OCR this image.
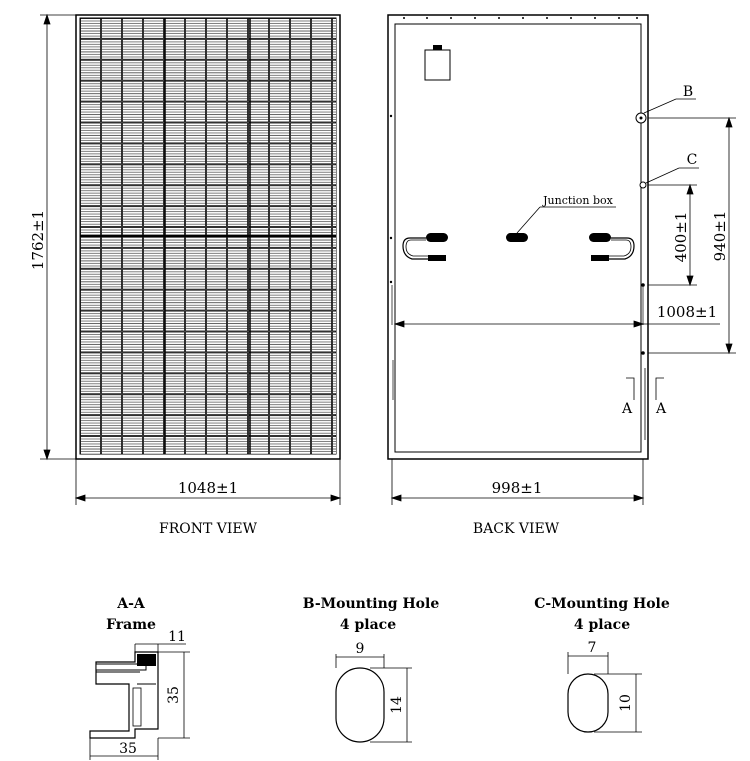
1762±1
1048±1
FRONT VIEW
Junction box
B
C
400±1 940±1
1008±1
A A
998±1
BACK VIEW
A-A
Frame
11
35
35
B-Mounting Hole
4 place
9
14
C-Mounting Hole
4 place
7
10
